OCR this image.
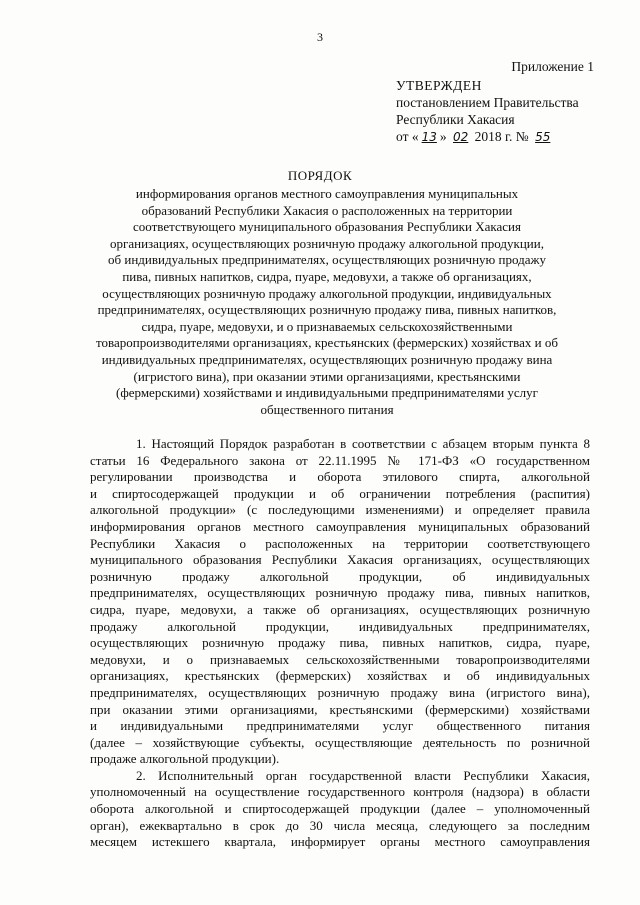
3
Приложение 1
УТВЕРЖДЕН
постановлением Правительства
Республики Хакасия
от « 13 » 02 2018 г. № 55
ПОРЯДОК
информирования органов местного самоуправления муниципальных
образований Республики Хакасия о расположенных на территории
соответствующего муниципального образования Республики Хакасия
организациях, осуществляющих розничную продажу алкогольной продукции,
об индивидуальных предпринимателях, осуществляющих розничную продажу
пива, пивных напитков, сидра, пуаре, медовухи, а также об организациях,
осуществляющих розничную продажу алкогольной продукции, индивидуальных
предпринимателях, осуществляющих розничную продажу пива, пивных напитков,
сидра, пуаре, медовухи, и о признаваемых сельскохозяйственными
товаропроизводителями организациях, крестьянских (фермерских) хозяйствах и об
индивидуальных предпринимателях, осуществляющих розничную продажу вина
(игристого вина), при оказании этими организациями, крестьянскими
(фермерскими) хозяйствами и индивидуальными предпринимателями услуг
общественного питания
1. Настоящий Порядок разработан в соответствии с абзацем вторым пункта 8
статьи 16 Федерального закона от 22.11.1995 № 171-ФЗ «О государственном
регулировании производства и оборота этилового спирта, алкогольной
и спиртосодержащей продукции и об ограничении потребления (распития)
алкогольной продукции» (с последующими изменениями) и определяет правила
информирования органов местного самоуправления муниципальных образований
Республики Хакасия о расположенных на территории соответствующего
муниципального образования Республики Хакасия организациях, осуществляющих
розничную продажу алкогольной продукции, об индивидуальных
предпринимателях, осуществляющих розничную продажу пива, пивных напитков,
сидра, пуаре, медовухи, а также об организациях, осуществляющих розничную
продажу алкогольной продукции, индивидуальных предпринимателях,
осуществляющих розничную продажу пива, пивных напитков, сидра, пуаре,
медовухи, и о признаваемых сельскохозяйственными товаропроизводителями
организациях, крестьянских (фермерских) хозяйствах и об индивидуальных
предпринимателях, осуществляющих розничную продажу вина (игристого вина),
при оказании этими организациями, крестьянскими (фермерскими) хозяйствами
и индивидуальными предпринимателями услуг общественного питания
(далее – хозяйствующие субъекты, осуществляющие деятельность по розничной
продаже алкогольной продукции).
2. Исполнительный орган государственной власти Республики Хакасия,
уполномоченный на осуществление государственного контроля (надзора) в области
оборота алкогольной и спиртосодержащей продукции (далее – уполномоченный
орган), ежеквартально в срок до 30 числа месяца, следующего за последним
месяцем истекшего квартала, информирует органы местного самоуправления
